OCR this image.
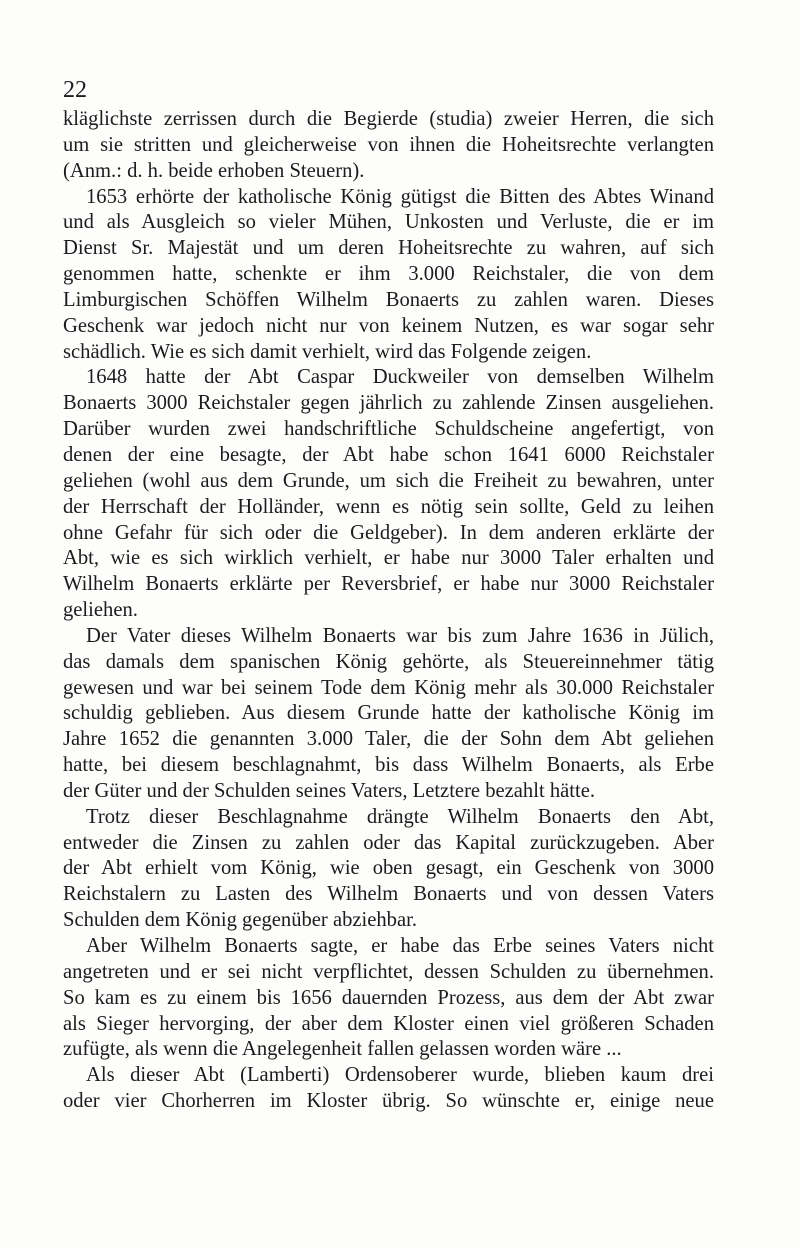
22
kläglichste zerrissen durch die Begierde (studia) zweier Herren, die sich
um sie stritten und gleicherweise von ihnen die Hoheitsrechte verlangten
(Anm.: d. h. beide erhoben Steuern).
1653 erhörte der katholische König gütigst die Bitten des Abtes Winand
und als Ausgleich so vieler Mühen, Unkosten und Verluste, die er im
Dienst Sr. Majestät und um deren Hoheitsrechte zu wahren, auf sich
genommen hatte, schenkte er ihm 3.000 Reichstaler, die von dem
Limburgischen Schöffen Wilhelm Bonaerts zu zahlen waren. Dieses
Geschenk war jedoch nicht nur von keinem Nutzen, es war sogar sehr
schädlich. Wie es sich damit verhielt, wird das Folgende zeigen.
1648 hatte der Abt Caspar Duckweiler von demselben Wilhelm
Bonaerts 3000 Reichstaler gegen jährlich zu zahlende Zinsen ausgeliehen.
Darüber wurden zwei handschriftliche Schuldscheine angefertigt, von
denen der eine besagte, der Abt habe schon 1641 6000 Reichstaler
geliehen (wohl aus dem Grunde, um sich die Freiheit zu bewahren, unter
der Herrschaft der Holländer, wenn es nötig sein sollte, Geld zu leihen
ohne Gefahr für sich oder die Geldgeber). In dem anderen erklärte der
Abt, wie es sich wirklich verhielt, er habe nur 3000 Taler erhalten und
Wilhelm Bonaerts erklärte per Reversbrief, er habe nur 3000 Reichstaler
geliehen.
Der Vater dieses Wilhelm Bonaerts war bis zum Jahre 1636 in Jülich,
das damals dem spanischen König gehörte, als Steuereinnehmer tätig
gewesen und war bei seinem Tode dem König mehr als 30.000 Reichstaler
schuldig geblieben. Aus diesem Grunde hatte der katholische König im
Jahre 1652 die genannten 3.000 Taler, die der Sohn dem Abt geliehen
hatte, bei diesem beschlagnahmt, bis dass Wilhelm Bonaerts, als Erbe
der Güter und der Schulden seines Vaters, Letztere bezahlt hätte.
Trotz dieser Beschlagnahme drängte Wilhelm Bonaerts den Abt,
entweder die Zinsen zu zahlen oder das Kapital zurückzugeben. Aber
der Abt erhielt vom König, wie oben gesagt, ein Geschenk von 3000
Reichstalern zu Lasten des Wilhelm Bonaerts und von dessen Vaters
Schulden dem König gegenüber abziehbar.
Aber Wilhelm Bonaerts sagte, er habe das Erbe seines Vaters nicht
angetreten und er sei nicht verpflichtet, dessen Schulden zu übernehmen.
So kam es zu einem bis 1656 dauernden Prozess, aus dem der Abt zwar
als Sieger hervorging, der aber dem Kloster einen viel größeren Schaden
zufügte, als wenn die Angelegenheit fallen gelassen worden wäre ...
Als dieser Abt (Lamberti) Ordensoberer wurde, blieben kaum drei
oder vier Chorherren im Kloster übrig. So wünschte er, einige neue
